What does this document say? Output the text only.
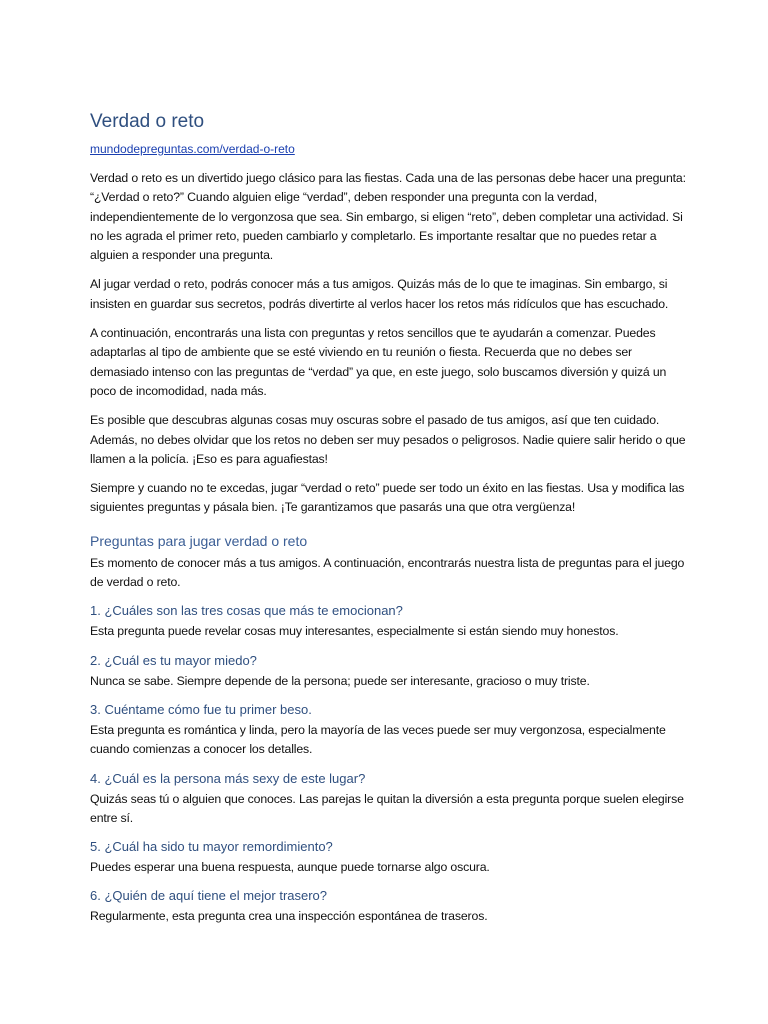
Verdad o reto
mundodepreguntas.com/verdad-o-reto

Verdad o reto es un divertido juego clásico para las fiestas. Cada una de las personas debe hacer una pregunta: “¿Verdad o reto?” Cuando alguien elige “verdad”, deben responder una pregunta con la verdad, independientemente de lo vergonzosa que sea. Sin embargo, si eligen “reto”, deben completar una actividad. Si no les agrada el primer reto, pueden cambiarlo y completarlo. Es importante resaltar que no puedes retar a alguien a responder una pregunta.

Al jugar verdad o reto, podrás conocer más a tus amigos. Quizás más de lo que te imaginas. Sin embargo, si insisten en guardar sus secretos, podrás divertirte al verlos hacer los retos más ridículos que has escuchado.

A continuación, encontrarás una lista con preguntas y retos sencillos que te ayudarán a comenzar. Puedes adaptarlas al tipo de ambiente que se esté viviendo en tu reunión o fiesta. Recuerda que no debes ser demasiado intenso con las preguntas de “verdad” ya que, en este juego, solo buscamos diversión y quizá un poco de incomodidad, nada más.

Es posible que descubras algunas cosas muy oscuras sobre el pasado de tus amigos, así que ten cuidado. Además, no debes olvidar que los retos no deben ser muy pesados o peligrosos. Nadie quiere salir herido o que llamen a la policía. ¡Eso es para aguafiestas!

Siempre y cuando no te excedas, jugar “verdad o reto” puede ser todo un éxito en las fiestas. Usa y modifica las siguientes preguntas y pásala bien. ¡Te garantizamos que pasarás una que otra vergüenza!

Preguntas para jugar verdad o reto

Es momento de conocer más a tus amigos. A continuación, encontrarás nuestra lista de preguntas para el juego de verdad o reto.

1. ¿Cuáles son las tres cosas que más te emocionan?

Esta pregunta puede revelar cosas muy interesantes, especialmente si están siendo muy honestos.

2. ¿Cuál es tu mayor miedo?

Nunca se sabe. Siempre depende de la persona; puede ser interesante, gracioso o muy triste.

3. Cuéntame cómo fue tu primer beso.

Esta pregunta es romántica y linda, pero la mayoría de las veces puede ser muy vergonzosa, especialmente cuando comienzas a conocer los detalles.

4. ¿Cuál es la persona más sexy de este lugar?

Quizás seas tú o alguien que conoces. Las parejas le quitan la diversión a esta pregunta porque suelen elegirse entre sí.

5. ¿Cuál ha sido tu mayor remordimiento?

Puedes esperar una buena respuesta, aunque puede tornarse algo oscura.

6. ¿Quién de aquí tiene el mejor trasero?

Regularmente, esta pregunta crea una inspección espontánea de traseros.
